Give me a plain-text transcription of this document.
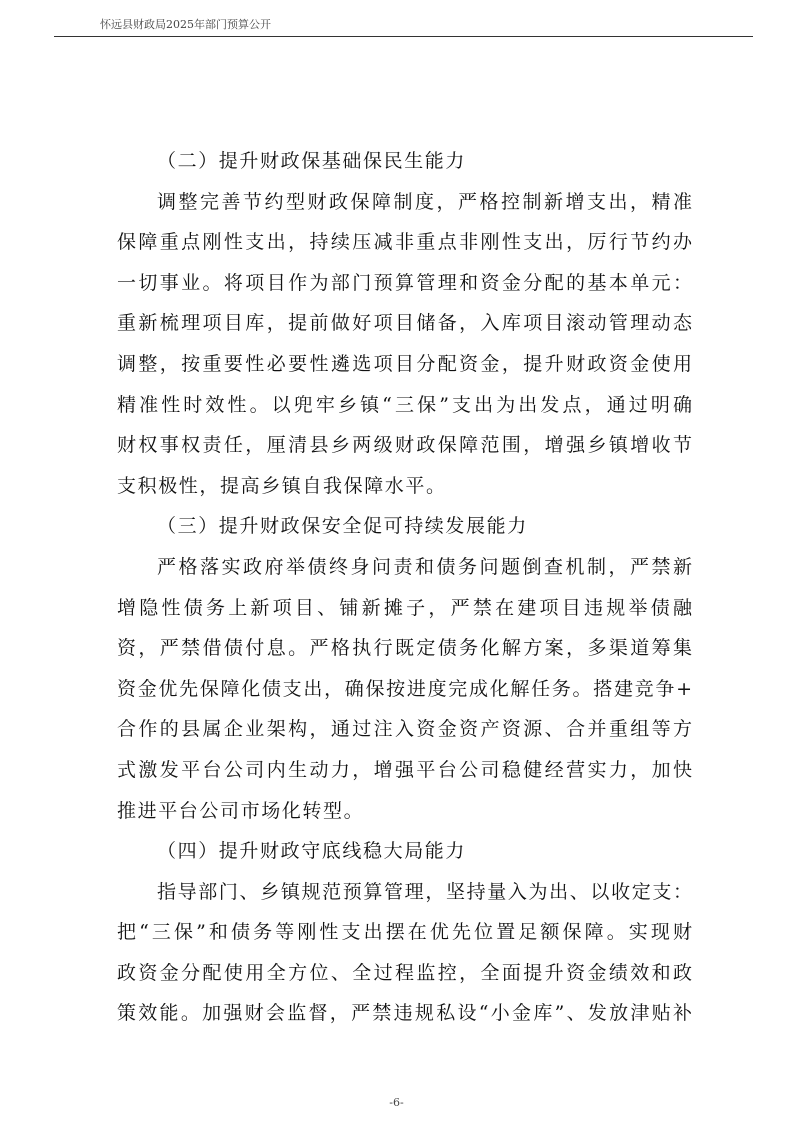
怀远县财政局2025年部门预算公开
（二）提升财政保基础保民生能力
调整完善节约型财政保障制度，严格控制新增支出，精准
保障重点刚性支出，持续压减非重点非刚性支出，厉行节约办
一切事业。将项目作为部门预算管理和资金分配的基本单元：
重新梳理项目库，提前做好项目储备，入库项目滚动管理动态
调整，按重要性必要性遴选项目分配资金，提升财政资金使用
精准性时效性。以兜牢乡镇“三保”支出为出发点，通过明确
财权事权责任，厘清县乡两级财政保障范围，增强乡镇增收节
支积极性，提高乡镇自我保障水平。
（三）提升财政保安全促可持续发展能力
严格落实政府举债终身问责和债务问题倒查机制，严禁新
增隐性债务上新项目、铺新摊子，严禁在建项目违规举债融
资，严禁借债付息。严格执行既定债务化解方案，多渠道筹集
资金优先保障化债支出，确保按进度完成化解任务。搭建竞争+
合作的县属企业架构，通过注入资金资产资源、合并重组等方
式激发平台公司内生动力，增强平台公司稳健经营实力，加快
推进平台公司市场化转型。
（四）提升财政守底线稳大局能力
指导部门、乡镇规范预算管理，坚持量入为出、以收定支：
把“三保”和债务等刚性支出摆在优先位置足额保障。实现财
政资金分配使用全方位、全过程监控，全面提升资金绩效和政
策效能。加强财会监督，严禁违规私设“小金库”、发放津贴补
-6-
